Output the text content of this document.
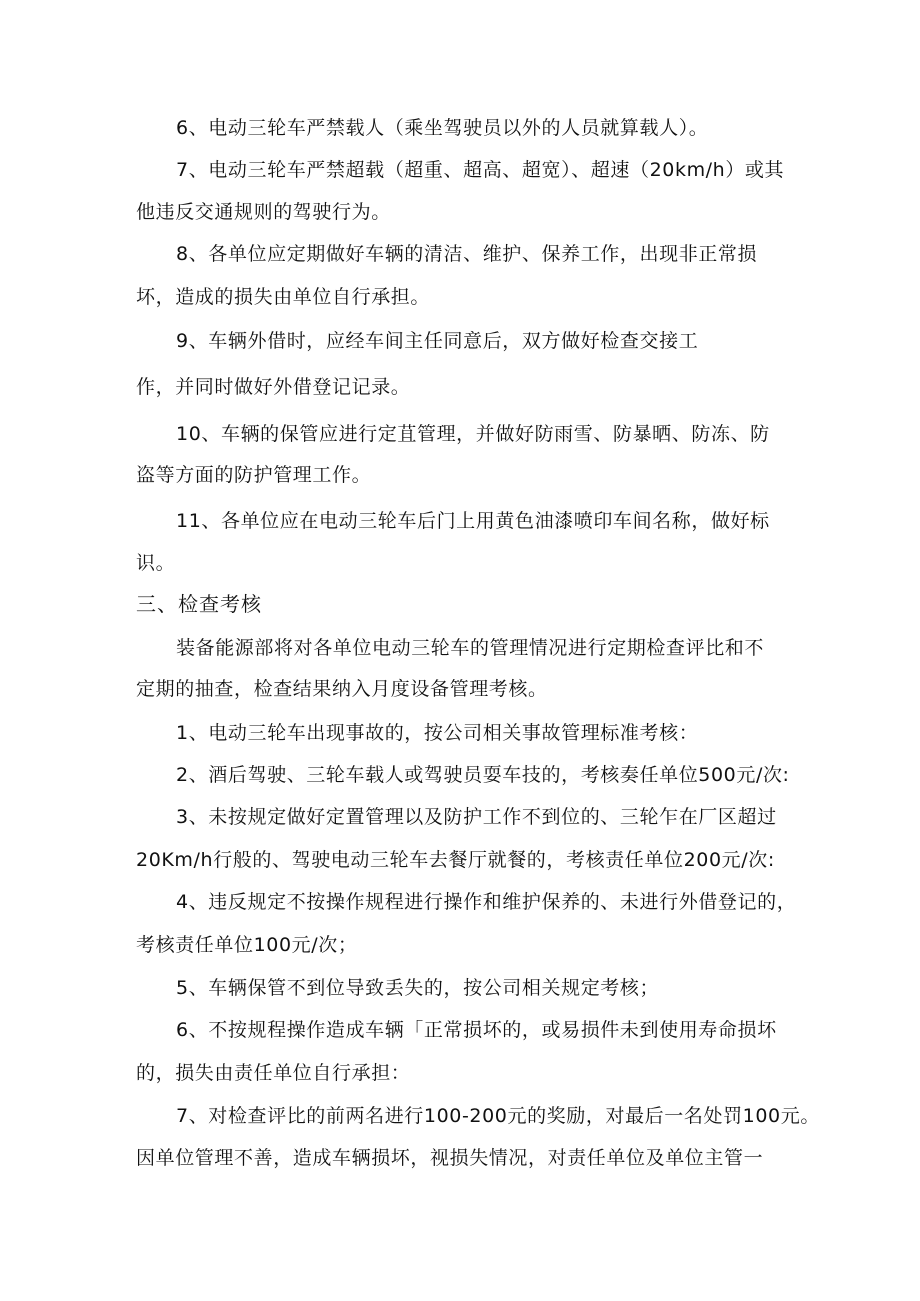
6、电动三轮车严禁载人（乘坐驾驶员以外的人员就算载人）。
7、电动三轮车严禁超载（超重、超高、超宽）、超速（20km/h）或其
他违反交通规则的驾驶行为。
8、各单位应定期做好车辆的清洁、维护、保养工作，出现非正常损
坏，造成的损失由单位自行承担。
9、车辆外借时，应经车间主任同意后，双方做好检查交接工
作，并同时做好外借登记记录。
10、车辆的保管应进行定苴管理，并做好防雨雪、防暴晒、防冻、防
盗等方面的防护管理工作。
11、各单位应在电动三轮车后门上用黄色油漆喷印车间名称，做好标
识。
三、检查考核
装备能源部将对各单位电动三轮车的管理情况进行定期检查评比和不
定期的抽查，检查结果纳入月度设备管理考核。
1、电动三轮车出现事故的，按公司相关事故管理标准考核：
2、酒后驾驶、三轮车载人或驾驶员耍车技的，考核奏任单位500元/次:
3、未按规定做好定置管理以及防护工作不到位的、三轮乍在厂区超过
20Km/h行般的、驾驶电动三轮车去餐厅就餐的，考核责任单位200元/次:
4、违反规定不按操作规程进行操作和维护保养的、未进行外借登记的，
考核责任单位100元/次；
5、车辆保管不到位导致丢失的，按公司相关规定考核；
6、不按规程操作造成车辆「正常损坏的，或易损件未到使用寿命损坏
的，损失由责任单位自行承担：
7、对检查评比的前两名进行100-200元的奖励，对最后一名处罚100元。
因单位管理不善，造成车辆损坏，视损失情况，对责任单位及单位主管一
